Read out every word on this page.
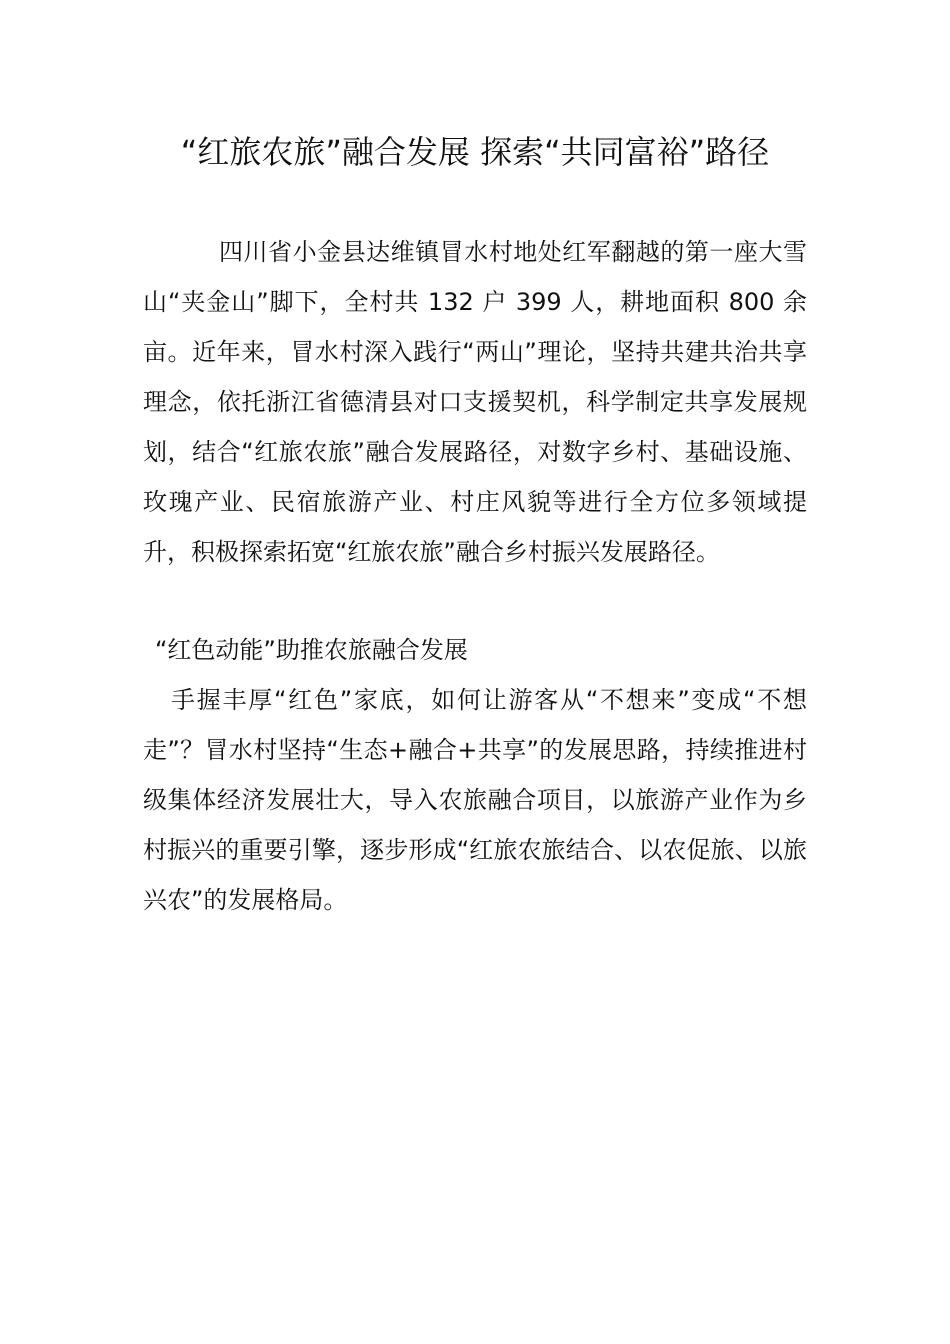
“红旅农旅”融合发展 探索“共同富裕”路径

四川省小金县达维镇冒水村地处红军翻越的第一座大雪山“夹金山”脚下，全村共 132 户 399 人，耕地面积 800 余亩。近年来，冒水村深入践行“两山”理论，坚持共建共治共享理念，依托浙江省德清县对口支援契机，科学制定共享发展规划，结合“红旅农旅”融合发展路径，对数字乡村、基础设施、玫瑰产业、民宿旅游产业、村庄风貌等进行全方位多领域提升，积极探索拓宽“红旅农旅”融合乡村振兴发展路径。

“红色动能”助推农旅融合发展

手握丰厚“红色”家底，如何让游客从“不想来”变成“不想走”？冒水村坚持“生态+融合+共享”的发展思路，持续推进村级集体经济发展壮大，导入农旅融合项目，以旅游产业作为乡村振兴的重要引擎，逐步形成“红旅农旅结合、以农促旅、以旅兴农”的发展格局。
